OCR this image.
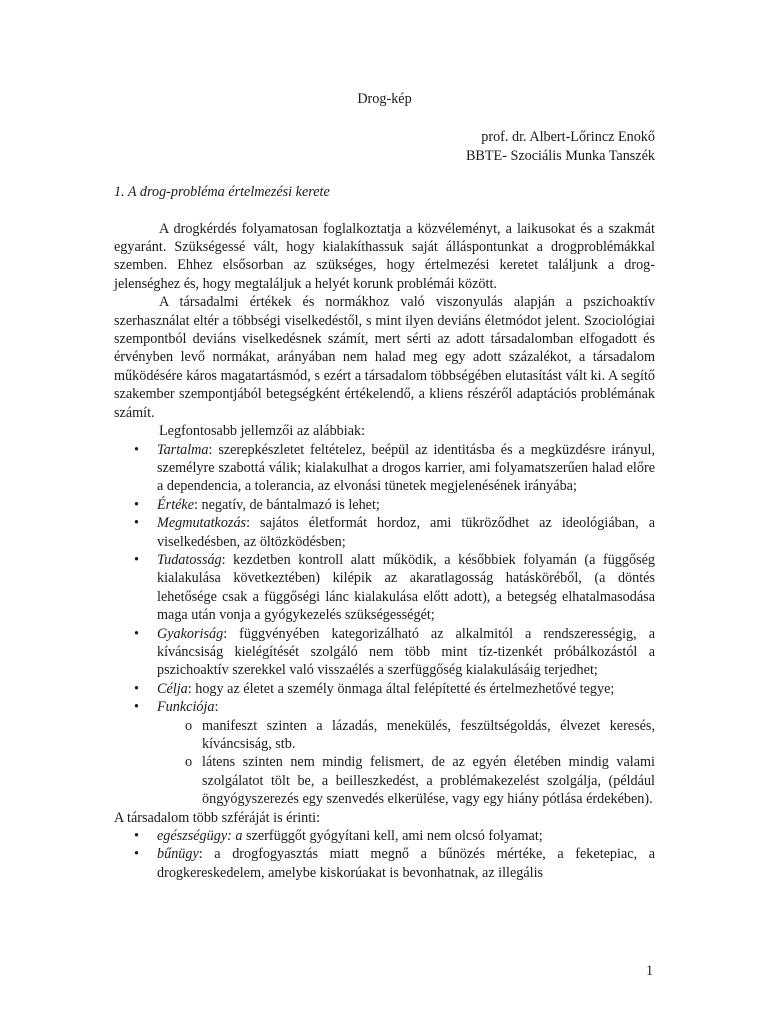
Drog-kép

prof. dr. Albert-Lőrincz Enokő
BBTE- Szociális Munka Tanszék
1. A drog-probléma értelmezési kerete

A drogkérdés folyamatosan foglalkoztatja a közvéleményt, a laikusokat és a szakmát egyaránt. Szükségessé vált, hogy kialakíthassuk saját álláspontunkat a drogproblémákkal szemben. Ehhez elsősorban az szükséges, hogy értelmezési keretet találjunk a drog-jelenséghez és, hogy megtaláljuk a helyét korunk problémái között.

A társadalmi értékek és normákhoz való viszonyulás alapján a pszichoaktív szerhasználat eltér a többségi viselkedéstől, s mint ilyen deviáns életmódot jelent. Szociológiai szempontból deviáns viselkedésnek számít, mert sérti az adott társadalomban elfogadott és érvényben levő normákat, arányában nem halad meg egy adott százalékot, a társadalom működésére káros magatartásmód, s ezért a társadalom többségében elutasítást vált ki. A segítő szakember szempontjából betegségként értékelendő, a kliens részéről adaptációs problémának számít.

Legfontosabb jellemzői az alábbiak:

• Tartalma: szerepkészletet feltételez, beépül az identitásba és a megküzdésre irányul, személyre szabottá válik; kialakulhat a drogos karrier, ami folyamatszerűen halad előre a dependencia, a tolerancia, az elvonási tünetek megjelenésének irányába;
• Értéke: negatív, de bántalmazó is lehet;
• Megmutatkozás: sajátos életformát hordoz, ami tükröződhet az ideológiában, a viselkedésben, az öltözködésben;
• Tudatosság: kezdetben kontroll alatt működik, a későbbiek folyamán (a függőség kialakulása következtében) kilépik az akaratlagosság hatásköréből, (a döntés lehetősége csak a függőségi lánc kialakulása előtt adott), a betegség elhatalmasodása maga után vonja a gyógykezelés szükségességét;
• Gyakoriság: függvényében kategorizálható az alkalmitól a rendszerességig, a kíváncsiság kielégítését szolgáló nem több mint tíz-tizenkét próbálkozástól a pszichoaktív szerekkel való visszaélés a szerfüggőség kialakulásáig terjedhet;
• Célja: hogy az életet a személy önmaga által felépítetté és értelmezhetővé tegye;
• Funkciója:
o manifeszt szinten a lázadás, menekülés, feszültségoldás, élvezet keresés, kíváncsiság, stb.
o látens szinten nem mindig felismert, de az egyén életében mindig valami szolgálatot tölt be, a beilleszkedést, a problémakezelést szolgálja, (például öngyógyszerezés egy szenvedés elkerülése, vagy egy hiány pótlása érdekében).

A társadalom több szféráját is érinti:

• egészségügy: a szerfüggőt gyógyítani kell, ami nem olcsó folyamat;
• bűnügy: a drogfogyasztás miatt megnő a bűnözés mértéke, a feketepiac, a drogkereskedelem, amelybe kiskorúakat is bevonhatnak, az illegális
1
